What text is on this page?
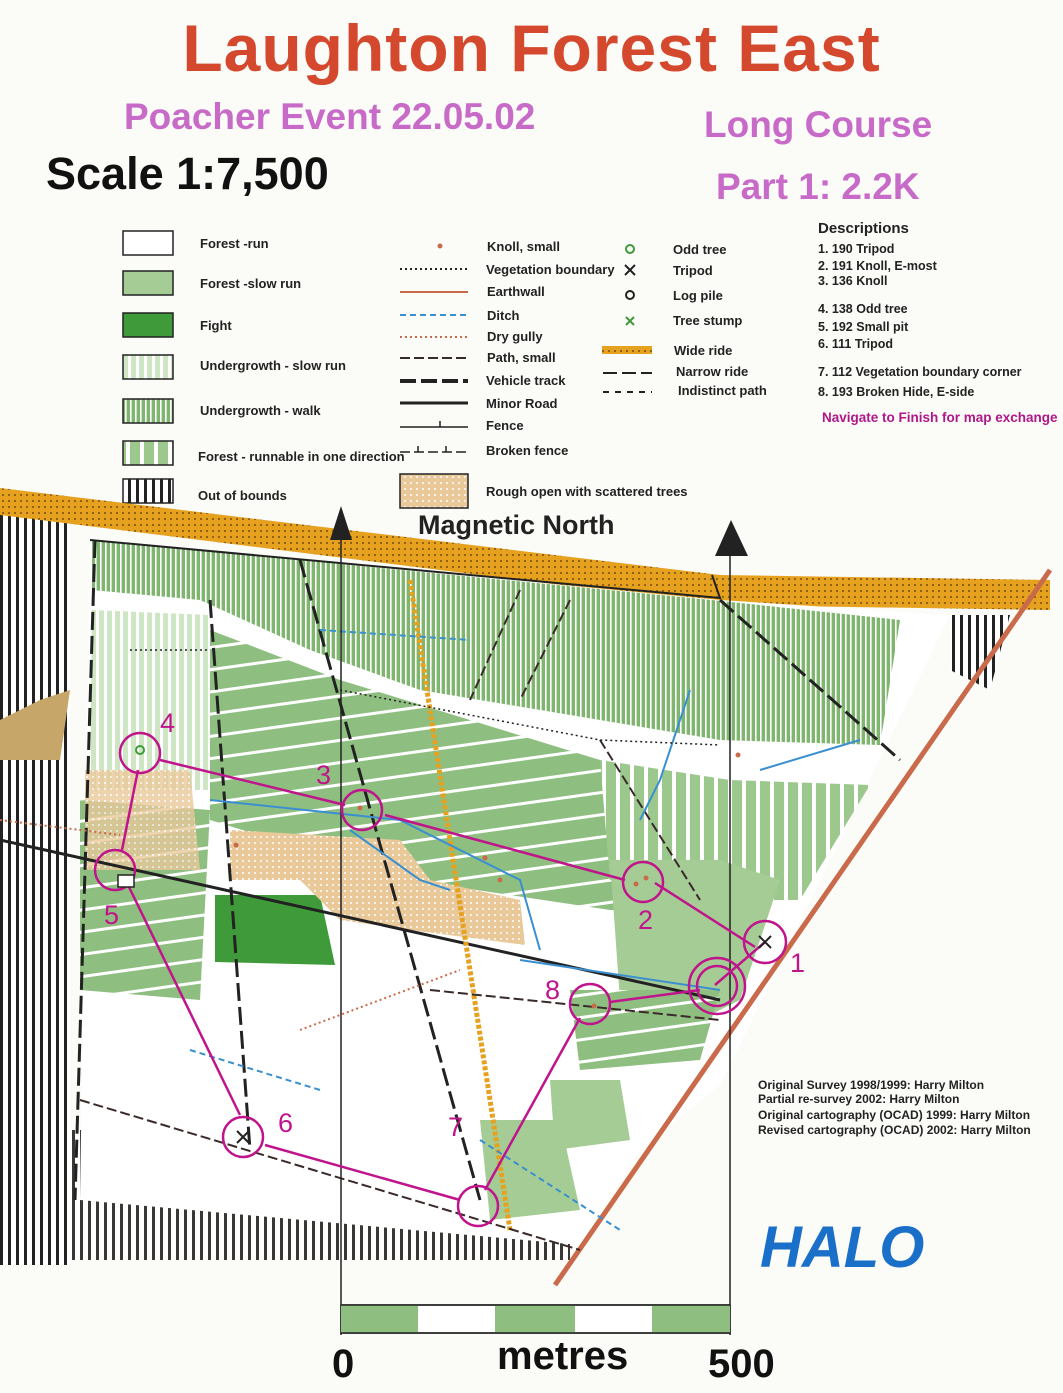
Laughton Forest East
Poacher Event 22.05.02	Long Course
Part 1: 2.2K
Scale 1:7,500
Forest -run
Forest -slow run
Fight
Undergrowth - slow run
Undergrowth - walk
Forest - runnable in one direction
Out of bounds
Knoll, small
Vegetation boundary
Earthwall
Ditch
Dry gully
Path, small
Vehicle track
Minor Road
Fence
Broken fence
Rough open with scattered trees
Odd tree
Tripod
Log pile
Tree stump
Wide ride
Narrow ride
Indistinct path
Descriptions
1. 190 Tripod
2. 191 Knoll, E-most
3. 136 Knoll
4. 138 Odd tree
5. 192 Small pit
6. 111 Tripod
7. 112 Vegetation boundary corner
8. 193 Broken Hide, E-side
Navigate to Finish for map exchange
Magnetic North
1
2
3
4
5
6	7
8
Original Survey 1998/1999: Harry Milton
Partial re-survey 2002: Harry Milton
Original cartography (OCAD) 1999: Harry Milton
Revised cartography (OCAD) 2002: Harry Milton
HALO
0	metres 500
